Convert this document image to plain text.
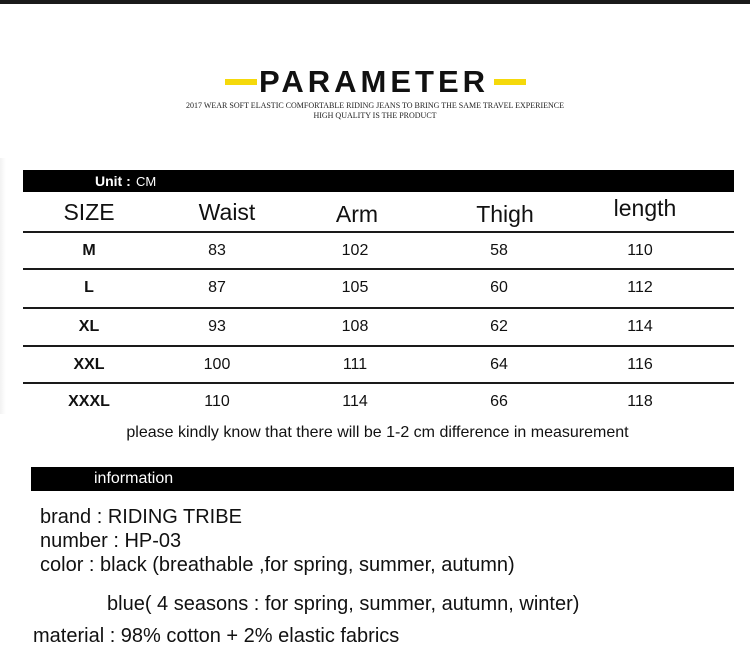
PARAMETER
2017 WEAR SOFT ELASTIC COMFORTABLE RIDING JEANS TO BRING THE SAME TRAVEL EXPERIENCE
HIGH QUALITY IS THE PRODUCT
Unit : CM
SIZE	Waist	Arm	Thigh	length
M	83	102	58	110
L	87	105	60	112
XL	93	108	62	114
XXL	100	111	64	116
XXXL	110	114	66	118
please kindly know that there will be 1-2 cm difference in measurement
information
brand : RIDING TRIBE
number : HP-03
color : black (breathable ,for spring, summer, autumn)
blue( 4 seasons : for spring, summer, autumn, winter)
material : 98% cotton + 2% elastic fabrics
